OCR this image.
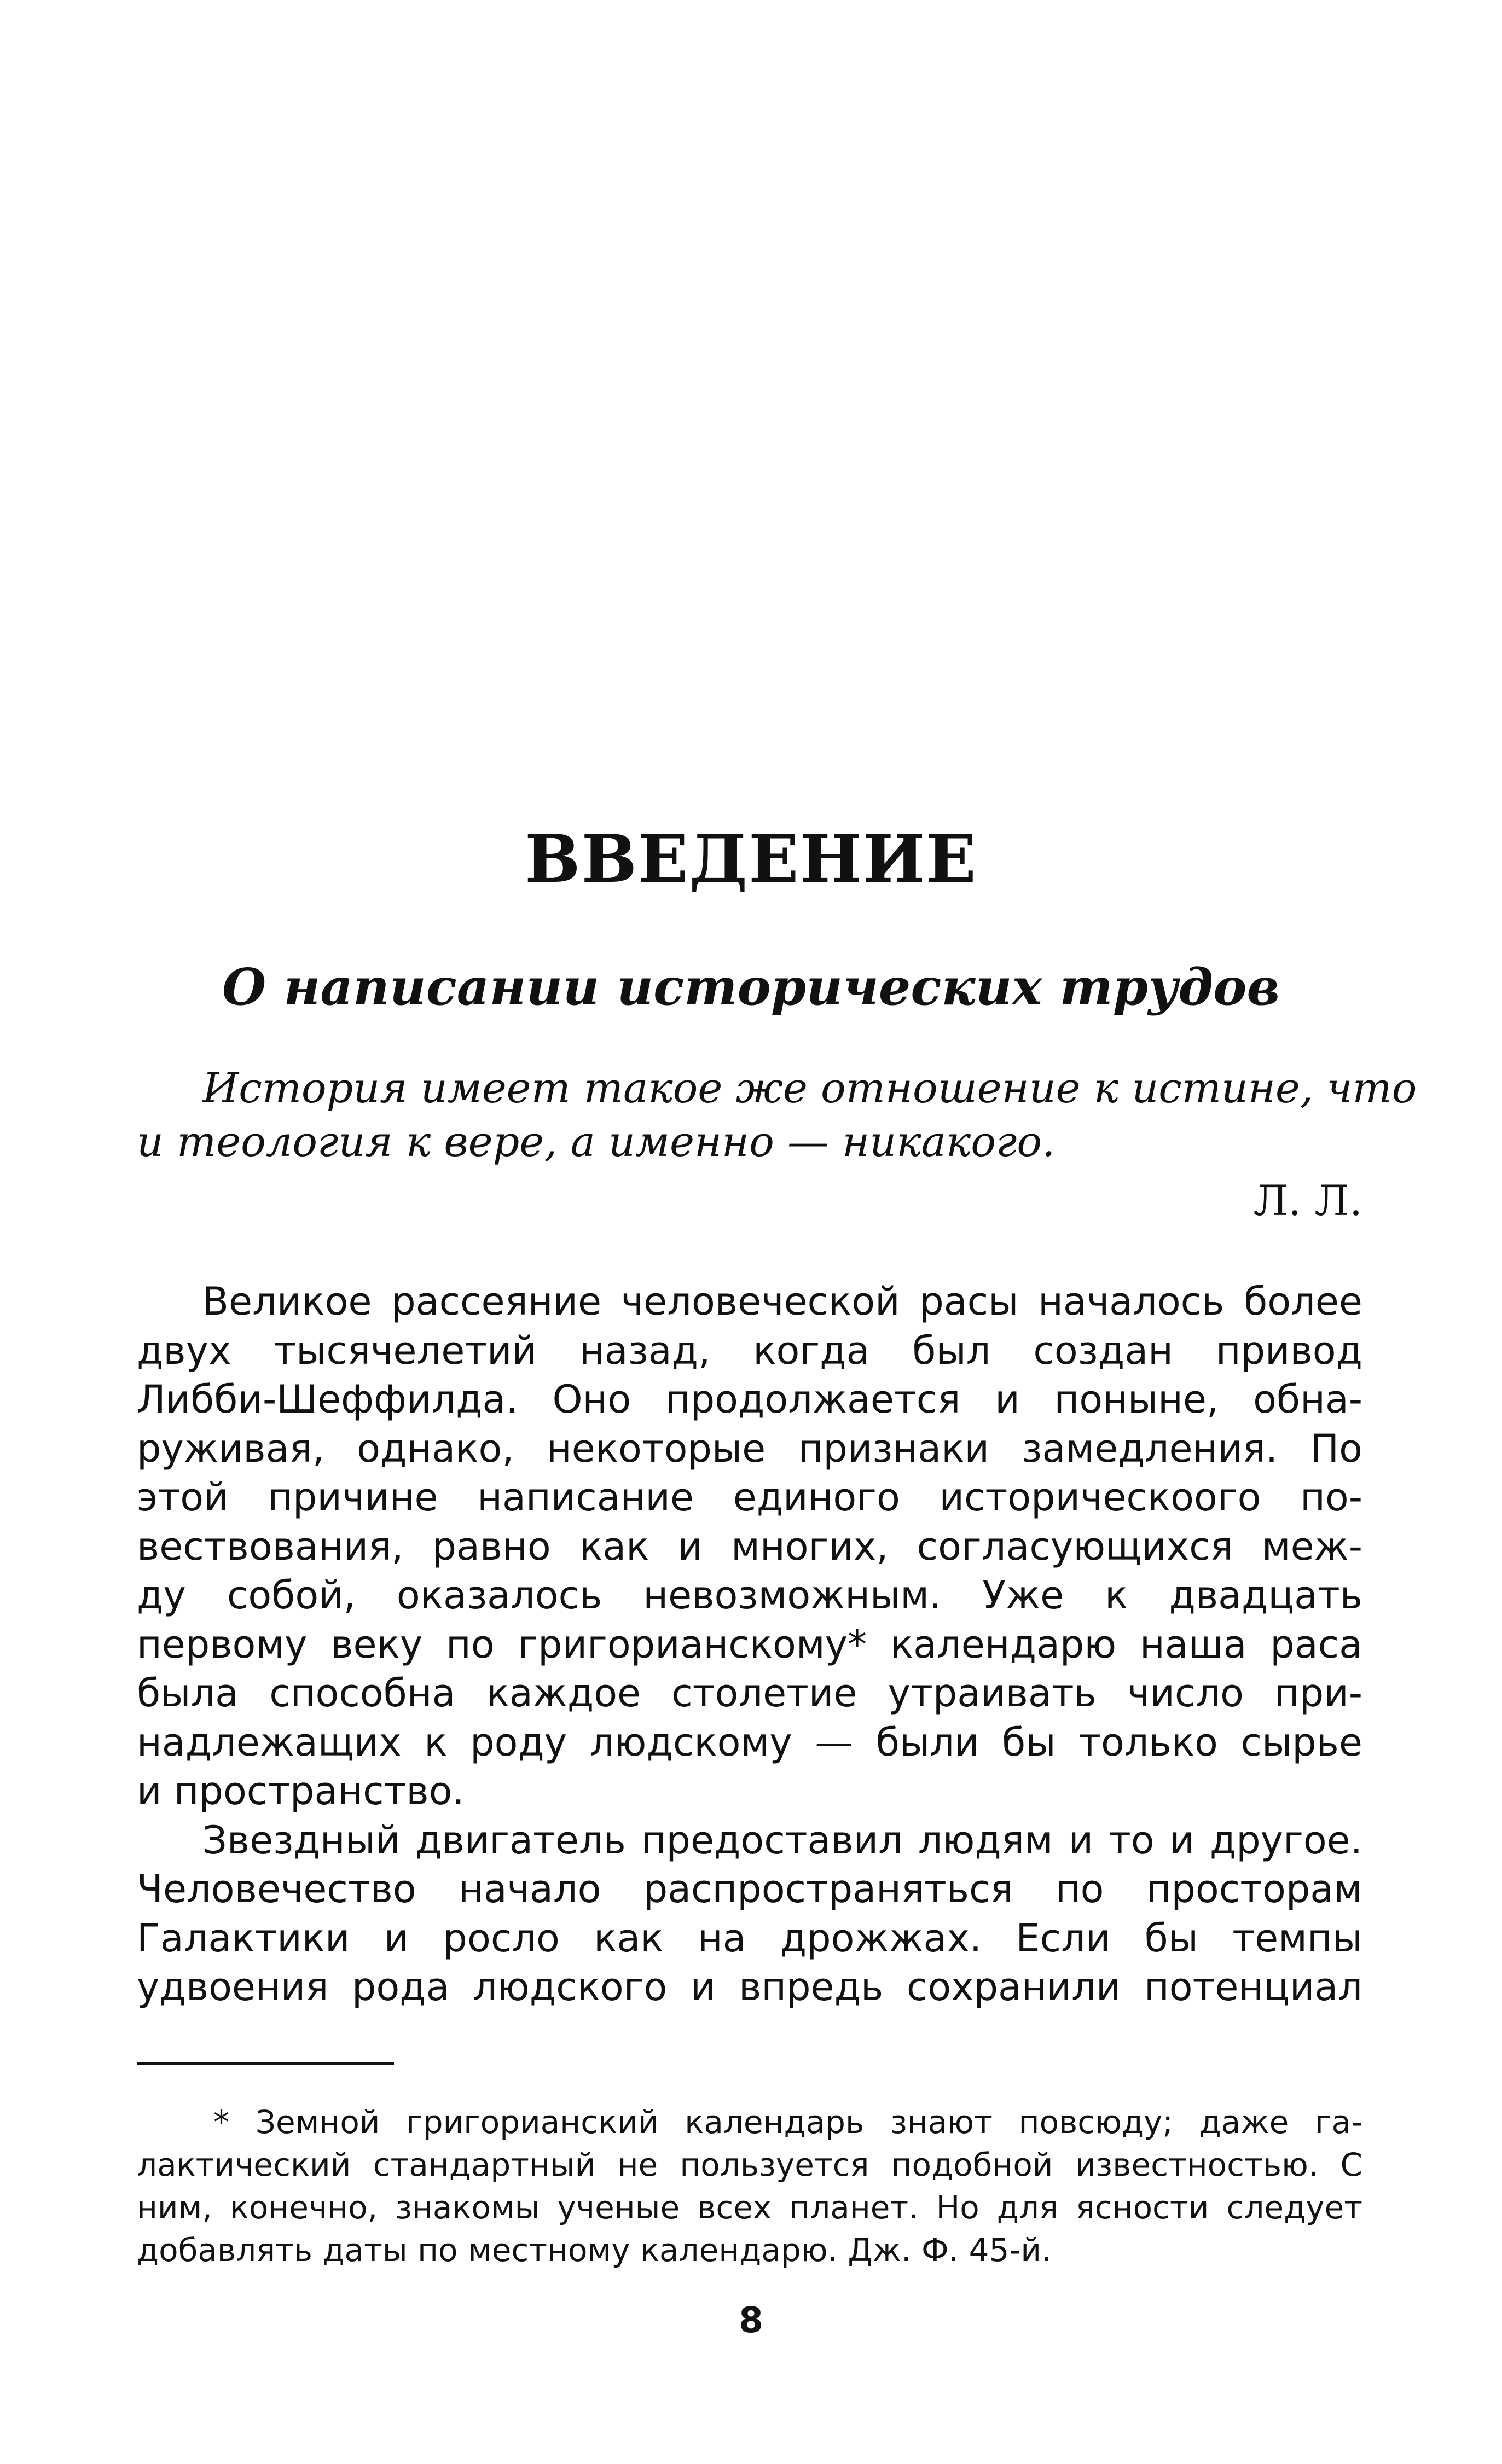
ВВЕДЕНИЕ
О написании исторических трудов
История имеет такое же отношение к истине, что
и теология к вере, а именно — никакого.
Л. Л.
Великое рассеяние человеческой расы началось более
двух тысячелетий назад, когда был создан привод
Либби-Шеффилда. Оно продолжается и поныне, обна-
руживая, однако, некоторые признаки замедления. По
этой причине написание единого историческоого по-
вествования, равно как и многих, согласующихся меж-
ду собой, оказалось невозможным. Уже к двадцать
первому веку по григорианскому* календарю наша раса
была способна каждое столетие утраивать число при-
надлежащих к роду людскому — были бы только сырье
и пространство.
Звездный двигатель предоставил людям и то и другое.
Человечество начало распространяться по просторам
Галактики и росло как на дрожжах. Если бы темпы
удвоения рода людского и впредь сохранили потенциал
* Земной григорианский календарь знают повсюду; даже га-
лактический стандартный не пользуется подобной известностью. С
ним, конечно, знакомы ученые всех планет. Но для ясности следует
добавлять даты по местному календарю. Дж. Ф. 45-й.
8
